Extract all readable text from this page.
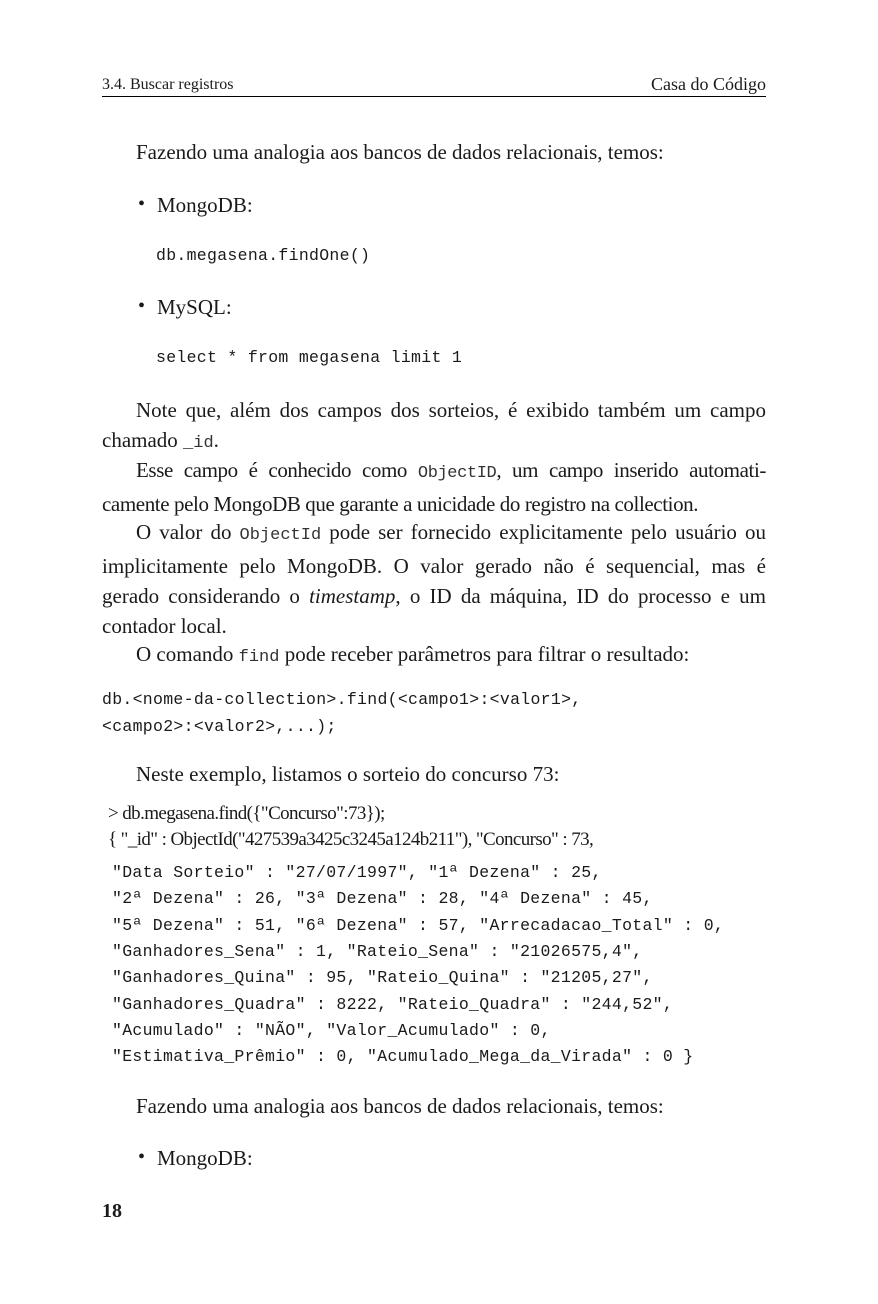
3.4. Buscar registros	Casa do Código
Fazendo uma analogia aos bancos de dados relacionais, temos:
• MongoDB:
db.megasena.findOne()
• MySQL:
select * from megasena limit 1
Note que, além dos campos dos sorteios, é exibido também um campo chamado _id.
Esse campo é conhecido como ObjectID, um campo inserido automati-camente pelo MongoDB que garante a unicidade do registro na collection.
O valor do ObjectId pode ser fornecido explicitamente pelo usuário ou implicitamente pelo MongoDB. O valor gerado não é sequencial, mas é gerado considerando o timestamp, o ID da máquina, ID do processo e um contador local.
O comando find pode receber parâmetros para filtrar o resultado:
db.<nome-da-collection>.find(<campo1>:<valor1>,
<campo2>:<valor2>,...);
Neste exemplo, listamos o sorteio do concurso 73:
> db.megasena.find({"Concurso":73});
{ "_id" : ObjectId("427539a3425c3245a124b211"), "Concurso" : 73,
"Data Sorteio" : "27/07/1997", "1ª Dezena" : 25,
"2ª Dezena" : 26, "3ª Dezena" : 28, "4ª Dezena" : 45,
"5ª Dezena" : 51, "6ª Dezena" : 57, "Arrecadacao_Total" : 0,
"Ganhadores_Sena" : 1, "Rateio_Sena" : "21026575,4",
"Ganhadores_Quina" : 95, "Rateio_Quina" : "21205,27",
"Ganhadores_Quadra" : 8222, "Rateio_Quadra" : "244,52",
"Acumulado" : "NÃO", "Valor_Acumulado" : 0,
"Estimativa_Prêmio" : 0, "Acumulado_Mega_da_Virada" : 0 }
Fazendo uma analogia aos bancos de dados relacionais, temos:
• MongoDB:
18
